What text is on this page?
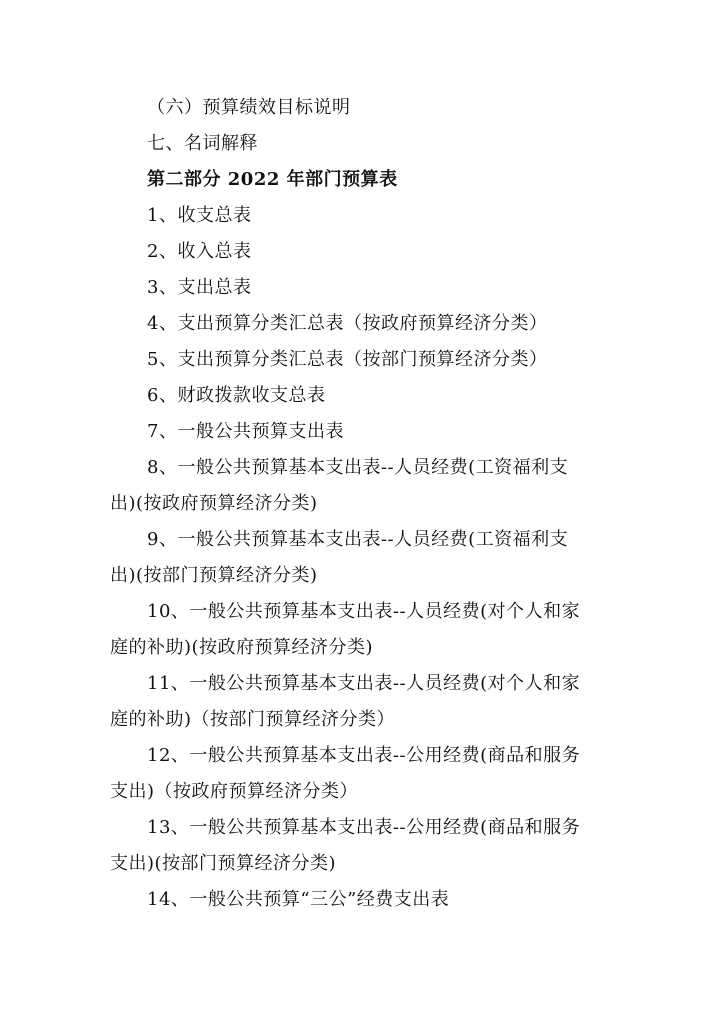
（六）预算绩效目标说明
七、名词解释
第二部分 2022 年部门预算表
1、收支总表
2、收入总表
3、支出总表
4、支出预算分类汇总表（按政府预算经济分类）
5、支出预算分类汇总表（按部门预算经济分类）
6、财政拨款收支总表
7、一般公共预算支出表
8、一般公共预算基本支出表--人员经费(工资福利支
出)(按政府预算经济分类)
9、一般公共预算基本支出表--人员经费(工资福利支
出)(按部门预算经济分类)
10、一般公共预算基本支出表--人员经费(对个人和家
庭的补助)(按政府预算经济分类)
11、一般公共预算基本支出表--人员经费(对个人和家
庭的补助)（按部门预算经济分类）
12、一般公共预算基本支出表--公用经费(商品和服务
支出)（按政府预算经济分类）
13、一般公共预算基本支出表--公用经费(商品和服务
支出)(按部门预算经济分类)
14、一般公共预算“三公”经费支出表
